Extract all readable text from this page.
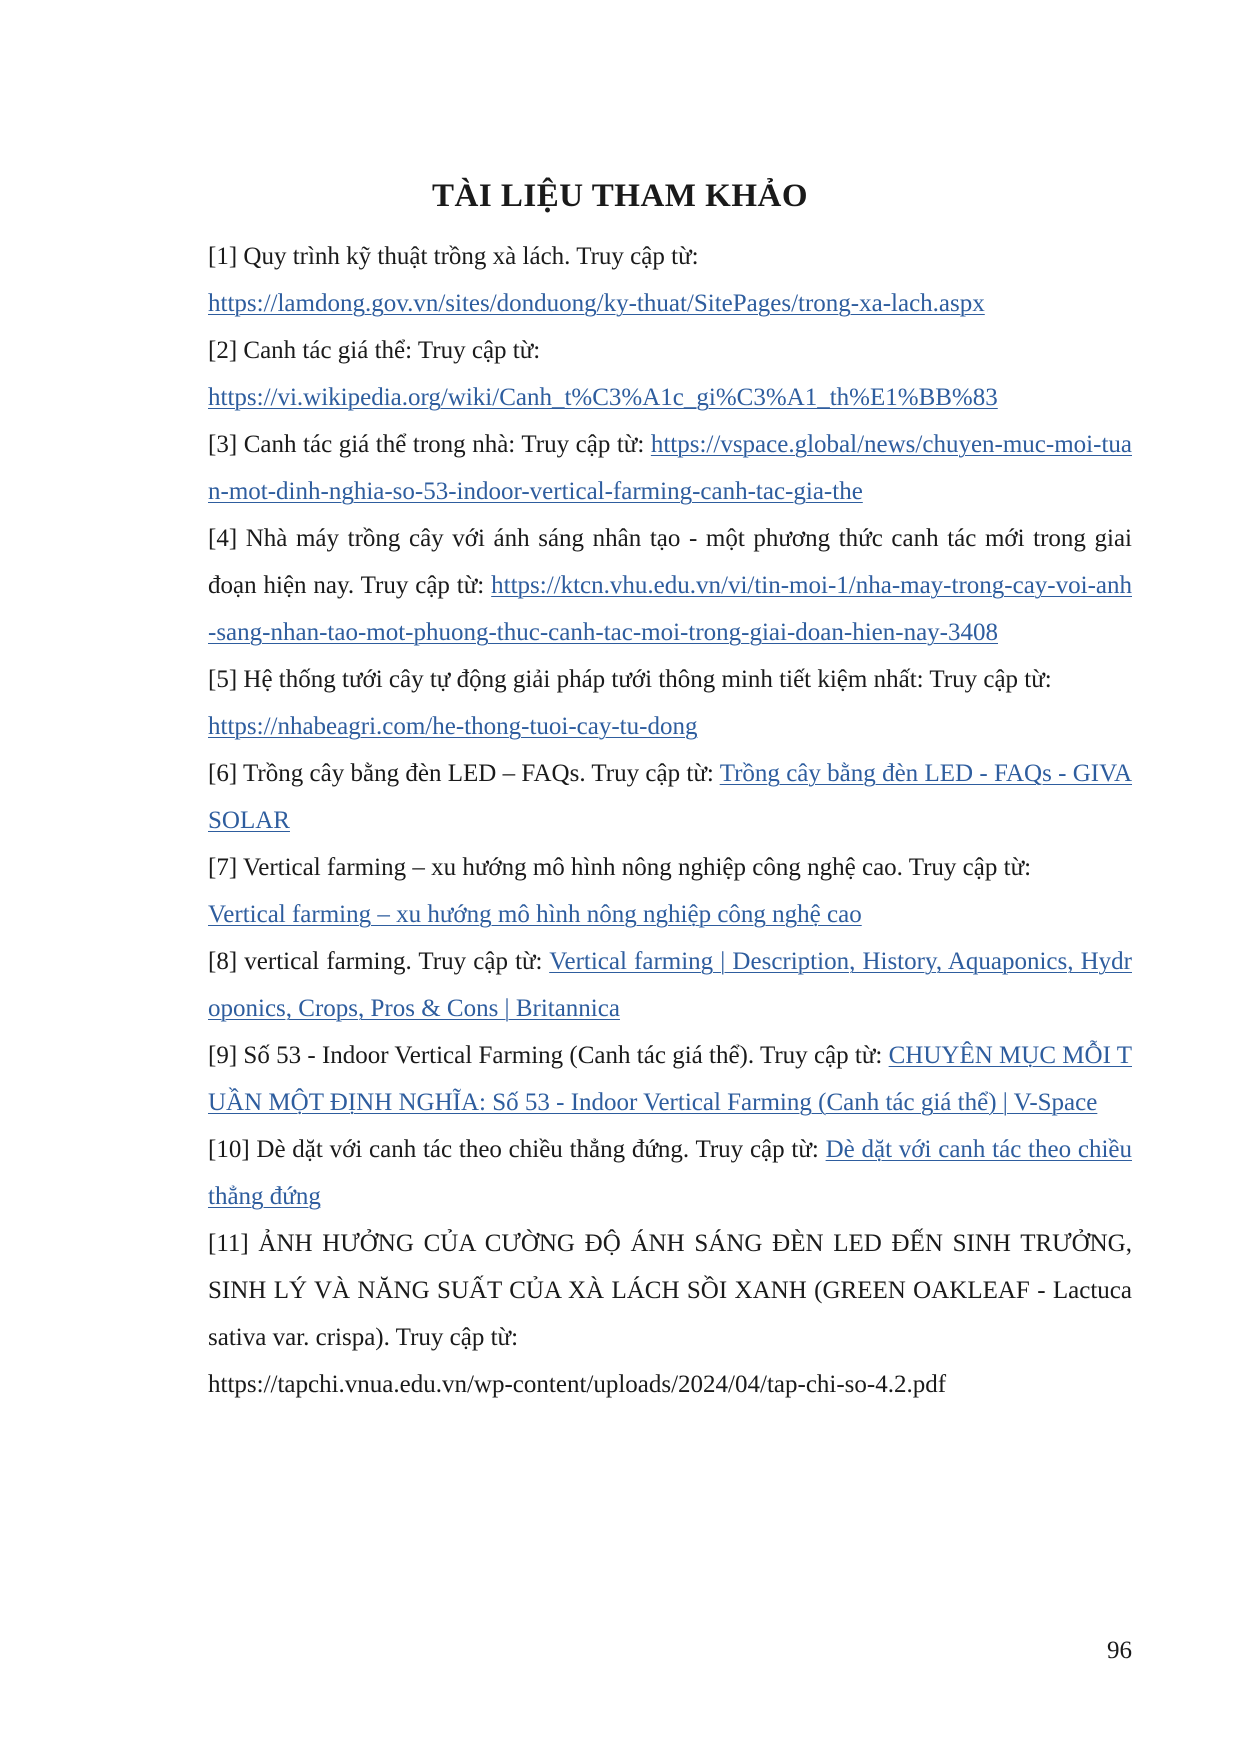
TÀI LIỆU THAM KHẢO

[1] Quy trình kỹ thuật trồng xà lách. Truy cập từ:
https://lamdong.gov.vn/sites/donduong/ky-thuat/SitePages/trong-xa-lach.aspx

[2] Canh tác giá thể: Truy cập từ:
https://vi.wikipedia.org/wiki/Canh_t%C3%A1c_gi%C3%A1_th%E1%BB%83

[3] Canh tác giá thể trong nhà: Truy cập từ: https://vspace.global/news/chuyen-muc-moi-tuan-mot-dinh-nghia-so-53-indoor-vertical-farming-canh-tac-gia-the

[4] Nhà máy trồng cây với ánh sáng nhân tạo - một phương thức canh tác mới trong giai đoạn hiện nay. Truy cập từ: https://ktcn.vhu.edu.vn/vi/tin-moi-1/nha-may-trong-cay-voi-anh-sang-nhan-tao-mot-phuong-thuc-canh-tac-moi-trong-giai-doan-hien-nay-3408

[5] Hệ thống tưới cây tự động giải pháp tưới thông minh tiết kiệm nhất: Truy cập từ:
https://nhabeagri.com/he-thong-tuoi-cay-tu-dong

[6] Trồng cây bằng đèn LED – FAQs. Truy cập từ: Trồng cây bằng đèn LED - FAQs - GIVASOLAR

[7] Vertical farming – xu hướng mô hình nông nghiệp công nghệ cao. Truy cập từ:
Vertical farming – xu hướng mô hình nông nghiệp công nghệ cao

[8] vertical farming. Truy cập từ: Vertical farming | Description, History, Aquaponics, Hydroponics, Crops, Pros & Cons | Britannica

[9] Số 53 - Indoor Vertical Farming (Canh tác giá thể). Truy cập từ: CHUYÊN MỤC MỖI TUẦN MỘT ĐỊNH NGHĨA: Số 53 - Indoor Vertical Farming (Canh tác giá thể) | V-Space

[10] Dè dặt với canh tác theo chiều thẳng đứng. Truy cập từ: Dè dặt với canh tác theo chiều thẳng đứng

[11] ẢNH HƯỞNG CỦA CƯỜNG ĐỘ ÁNH SÁNG ĐÈN LED ĐẾN SINH TRƯỞNG, SINH LÝ VÀ NĂNG SUẤT CỦA XÀ LÁCH SỒI XANH (GREEN OAKLEAF - Lactuca sativa var. crispa). Truy cập từ:
https://tapchi.vnua.edu.vn/wp-content/uploads/2024/04/tap-chi-so-4.2.pdf

96
